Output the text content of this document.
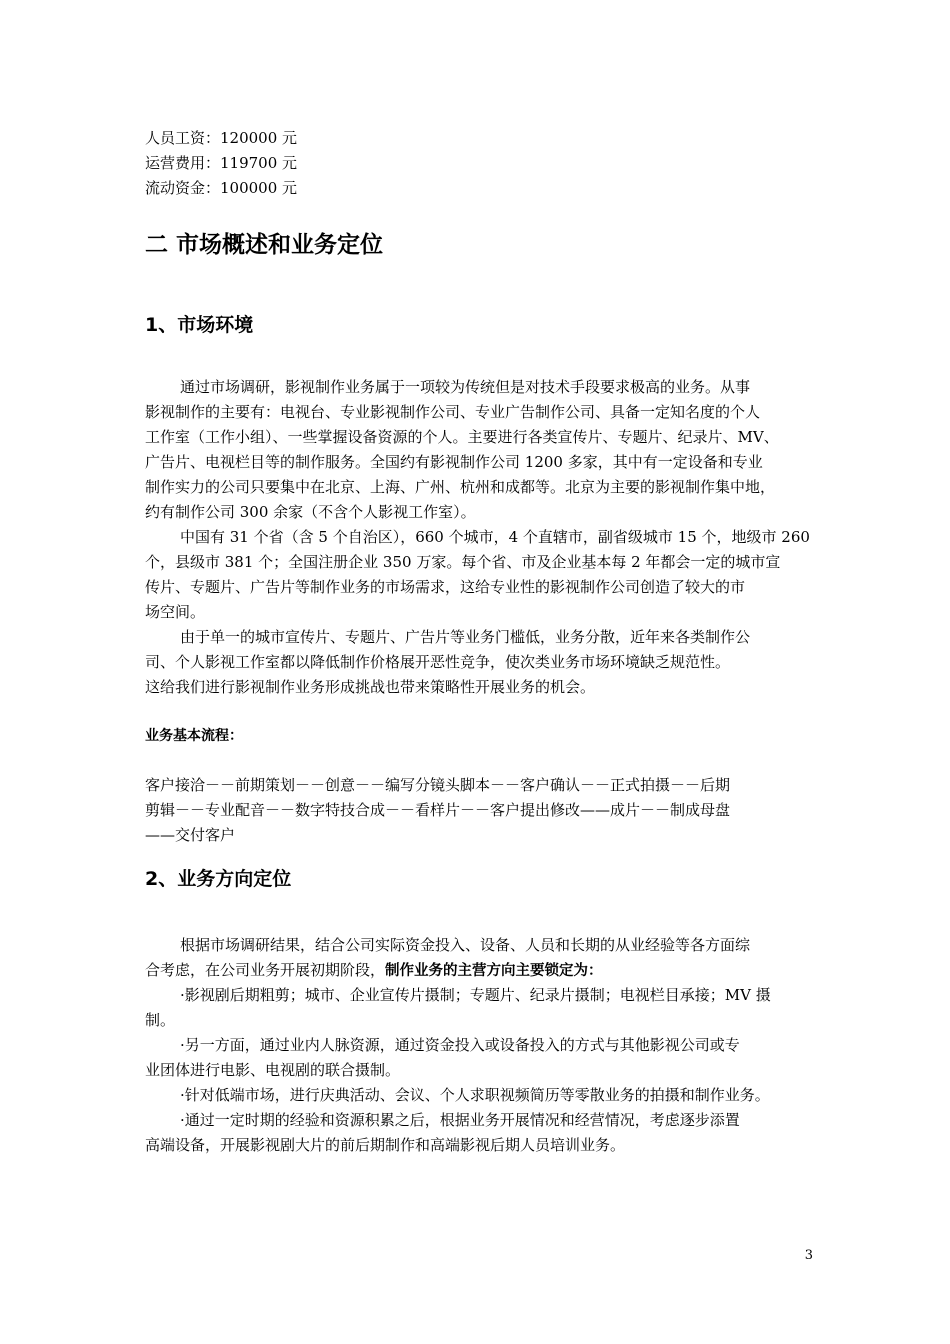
人员工资：120000 元
运营费用：119700 元
流动资金：100000 元
二 市场概述和业务定位
1、市场环境
通过市场调研，影视制作业务属于一项较为传统但是对技术手段要求极高的业务。从事
影视制作的主要有：电视台、专业影视制作公司、专业广告制作公司、具备一定知名度的个人
工作室（工作小组）、一些掌握设备资源的个人。主要进行各类宣传片、专题片、纪录片、MV、
广告片、电视栏目等的制作服务。全国约有影视制作公司 1200 多家，其中有一定设备和专业
制作实力的公司只要集中在北京、上海、广州、杭州和成都等。北京为主要的影视制作集中地，
约有制作公司 300 余家（不含个人影视工作室）。
中国有 31 个省（含 5 个自治区），660 个城市，4 个直辖市，副省级城市 15 个，地级市 260
个，县级市 381 个；全国注册企业 350 万家。每个省、市及企业基本每 2 年都会一定的城市宣
传片、专题片、广告片等制作业务的市场需求，这给专业性的影视制作公司创造了较大的市
场空间。
由于单一的城市宣传片、专题片、广告片等业务门槛低，业务分散，近年来各类制作公
司、个人影视工作室都以降低制作价格展开恶性竞争，使次类业务市场环境缺乏规范性。
这给我们进行影视制作业务形成挑战也带来策略性开展业务的机会。
业务基本流程：
客户接洽－－前期策划－－创意－－编写分镜头脚本－－客户确认－－正式拍摄－－后期
剪辑－－专业配音－－数字特技合成－－看样片－－客户提出修改——成片－－制成母盘
——交付客户
2、业务方向定位
根据市场调研结果，结合公司实际资金投入、设备、人员和长期的从业经验等各方面综
合考虑，在公司业务开展初期阶段，制作业务的主营方向主要锁定为：
·影视剧后期粗剪；城市、企业宣传片摄制；专题片、纪录片摄制；电视栏目承接；MV 摄
制。
·另一方面，通过业内人脉资源，通过资金投入或设备投入的方式与其他影视公司或专
业团体进行电影、电视剧的联合摄制。
·针对低端市场，进行庆典活动、会议、个人求职视频简历等零散业务的拍摄和制作业务。
·通过一定时期的经验和资源积累之后，根据业务开展情况和经营情况，考虑逐步添置
高端设备，开展影视剧大片的前后期制作和高端影视后期人员培训业务。
3
